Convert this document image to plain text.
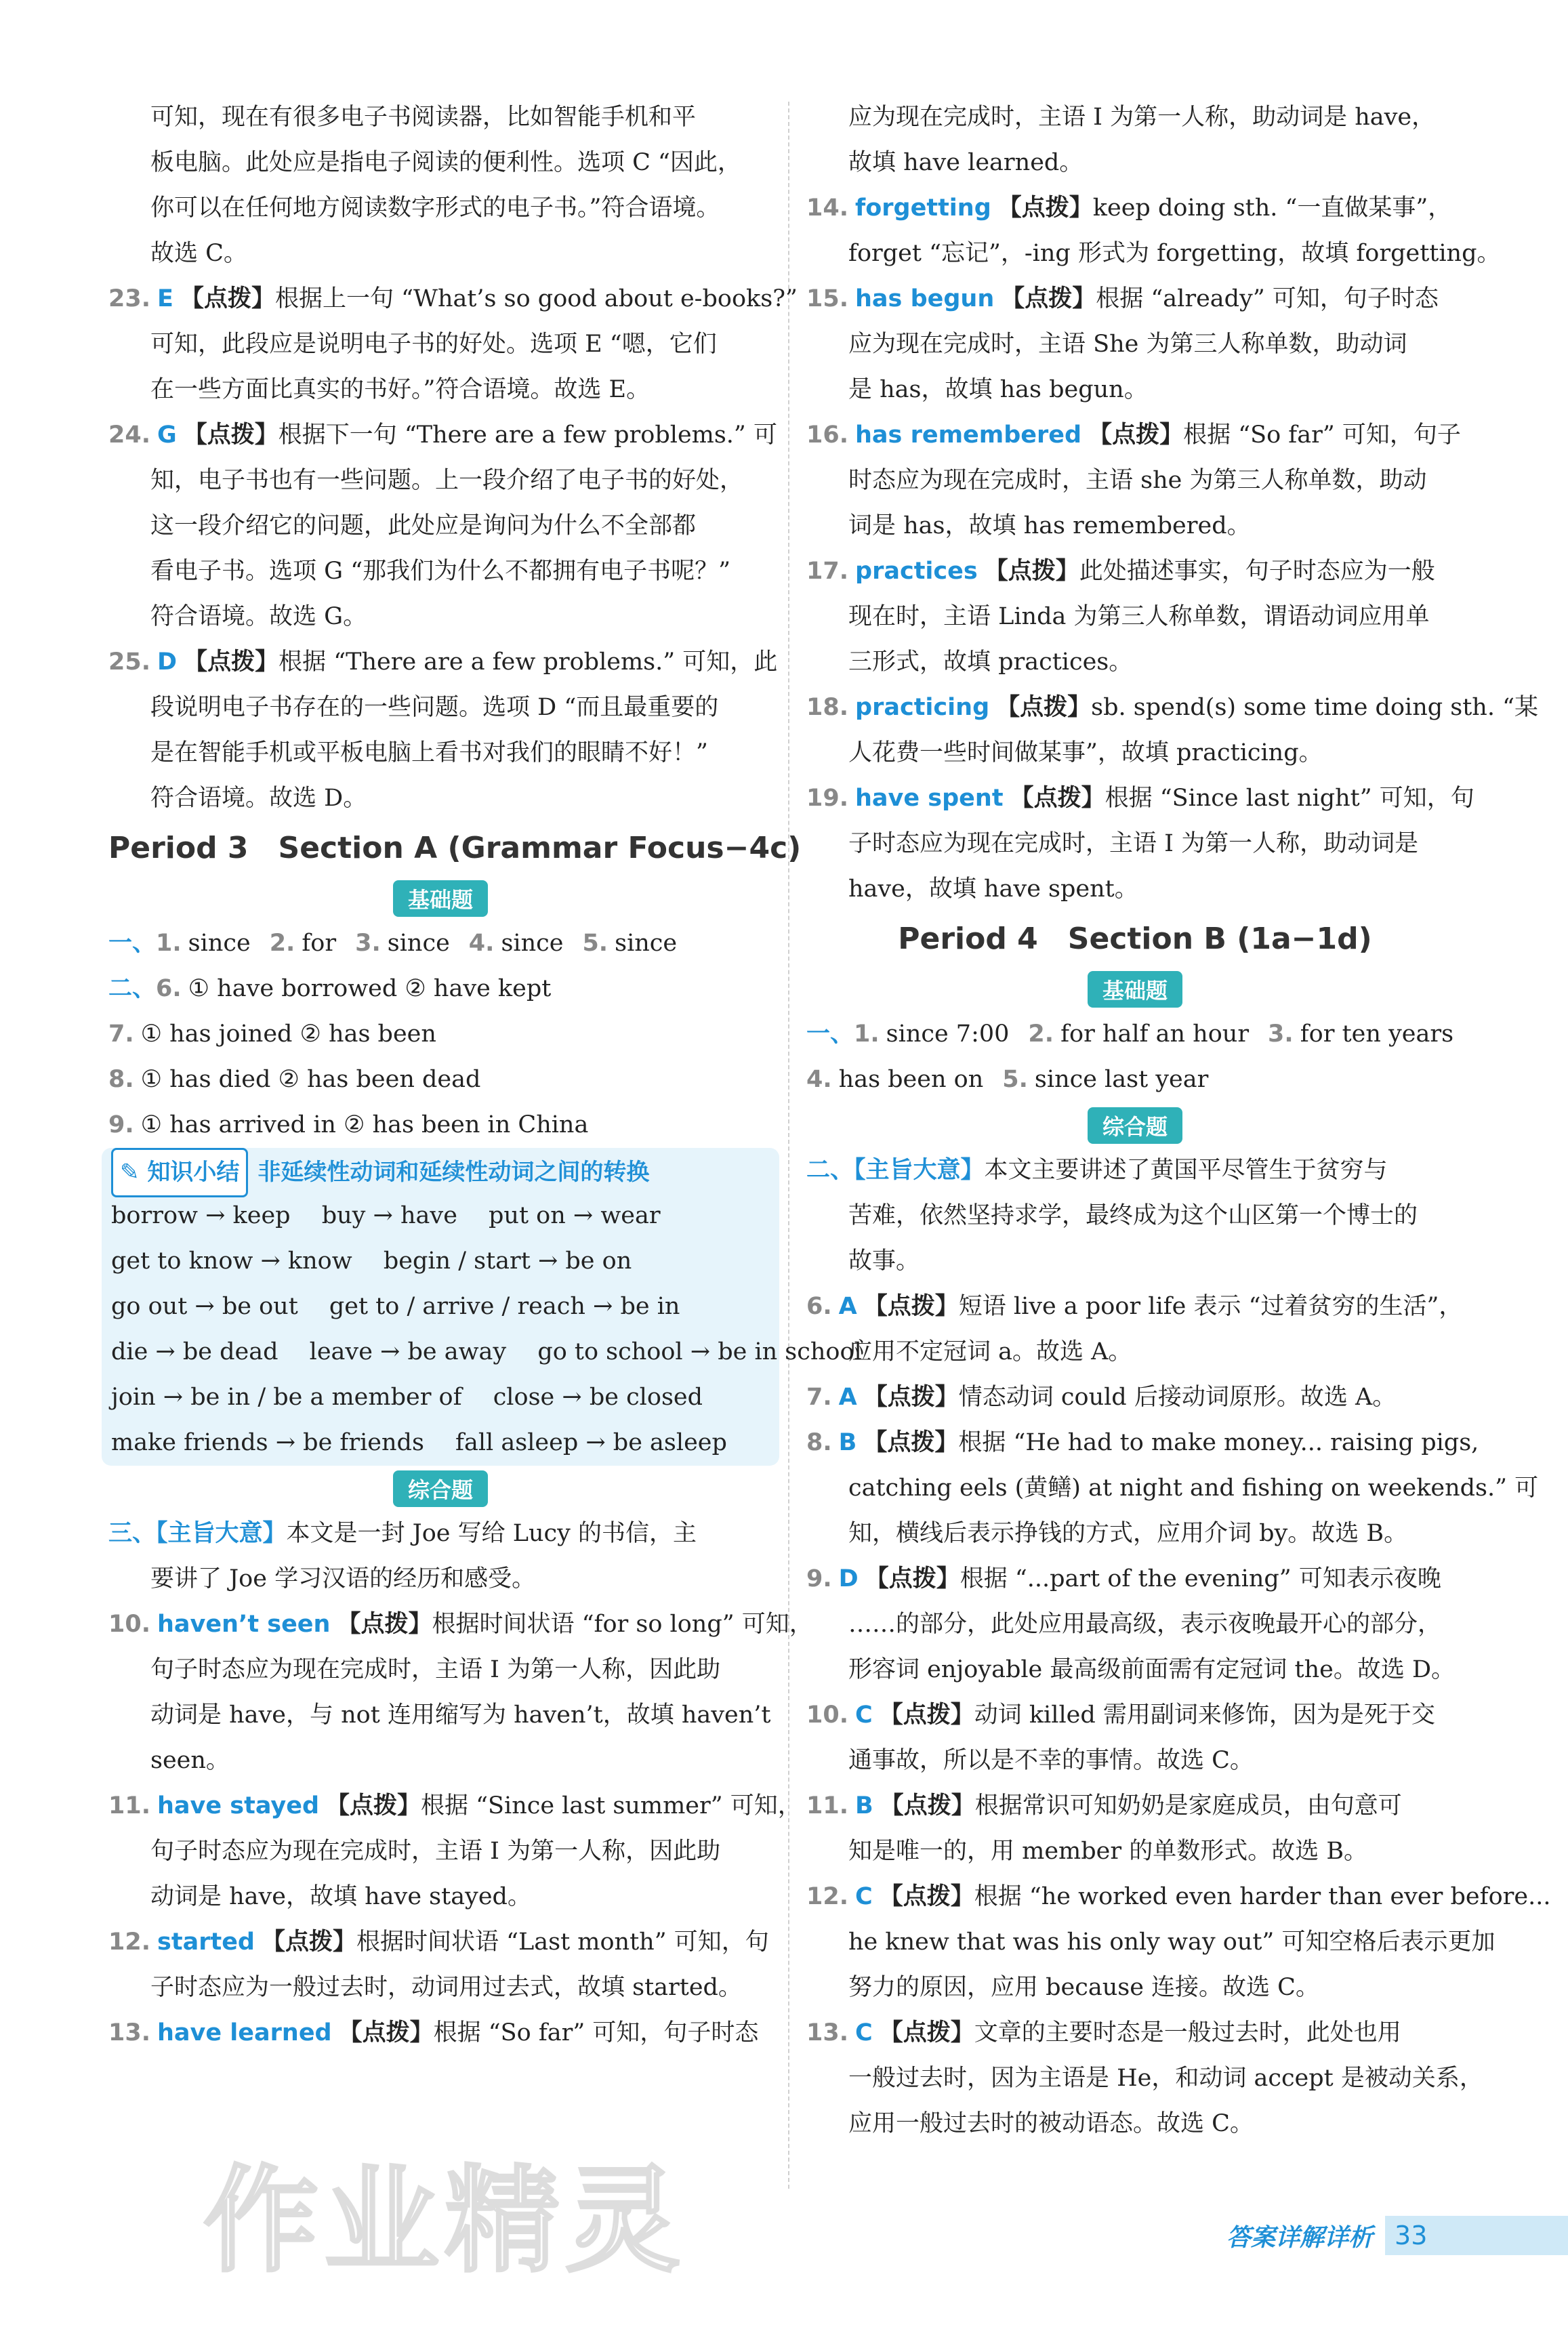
可知，现在有很多电子书阅读器，比如智能手机和平
板电脑。此处应是指电子阅读的便利性。选项 C “因此，
你可以在任何地方阅读数字形式的电子书。”符合语境。
故选 C。
23. E 【点拨】根据上一句 “What’s so good about e-books?”
可知，此段应是说明电子书的好处。选项 E “嗯，它们
在一些方面比真实的书好。”符合语境。故选 E。
24. G 【点拨】根据下一句 “There are a few problems.” 可
知，电子书也有一些问题。上一段介绍了电子书的好处，
这一段介绍它的问题，此处应是询问为什么不全部都
看电子书。选项 G “那我们为什么不都拥有电子书呢？”
符合语境。故选 G。
25. D 【点拨】根据 “There are a few problems.” 可知，此
段说明电子书存在的一些问题。选项 D “而且最重要的
是在智能手机或平板电脑上看书对我们的眼睛不好！”
符合语境。故选 D。
Period 3　Section A (Grammar Focus−4c)
基础题
一、1. since 2. for 3. since 4. since 5. since
二、6. ① have borrowed ② have kept
7. ① has joined ② has been
8. ① has died ② has been dead
9. ① has arrived in ② has been in China
✎ 知识小结 非延续性动词和延续性动词之间的转换
borrow → keep　 buy → have　 put on → wear
get to know → know　 begin / start → be on
go out → be out　 get to / arrive / reach → be in
die → be dead　 leave → be away　 go to school → be in school
join → be in / be a member of　 close → be closed
make friends → be friends　 fall asleep → be asleep
综合题
三、【主旨大意】本文是一封 Joe 写给 Lucy 的书信，主
要讲了 Joe 学习汉语的经历和感受。
10. haven’t seen 【点拨】根据时间状语 “for so long” 可知，
句子时态应为现在完成时，主语 I 为第一人称，因此助
动词是 have，与 not 连用缩写为 haven’t，故填 haven’t
seen。
11. have stayed 【点拨】根据 “Since last summer” 可知，
句子时态应为现在完成时，主语 I 为第一人称，因此助
动词是 have，故填 have stayed。
12. started 【点拨】根据时间状语 “Last month” 可知，句
子时态应为一般过去时，动词用过去式，故填 started。
13. have learned 【点拨】根据 “So far” 可知，句子时态
应为现在完成时，主语 I 为第一人称，助动词是 have，
故填 have learned。
14. forgetting 【点拨】keep doing sth. “一直做某事”，
forget “忘记”，-ing 形式为 forgetting，故填 forgetting。
15. has begun 【点拨】根据 “already” 可知，句子时态
应为现在完成时，主语 She 为第三人称单数，助动词
是 has，故填 has begun。
16. has remembered 【点拨】根据 “So far” 可知，句子
时态应为现在完成时，主语 she 为第三人称单数，助动
词是 has，故填 has remembered。
17. practices 【点拨】此处描述事实，句子时态应为一般
现在时，主语 Linda 为第三人称单数，谓语动词应用单
三形式，故填 practices。
18. practicing 【点拨】sb. spend(s) some time doing sth. “某
人花费一些时间做某事”，故填 practicing。
19. have spent 【点拨】根据 “Since last night” 可知，句
子时态应为现在完成时，主语 I 为第一人称，助动词是
have，故填 have spent。
Period 4　Section B (1a−1d)
基础题
一、1. since 7:00 2. for half an hour 3. for ten years
4. has been on 5. since last year
综合题
二、【主旨大意】本文主要讲述了黄国平尽管生于贫穷与
苦难，依然坚持求学，最终成为这个山区第一个博士的
故事。
6. A 【点拨】短语 live a poor life 表示 “过着贫穷的生活”，
应用不定冠词 a。故选 A。
7. A 【点拨】情态动词 could 后接动词原形。故选 A。
8. B 【点拨】根据 “He had to make money... raising pigs,
catching eels (黄鳝) at night and fishing on weekends.” 可
知，横线后表示挣钱的方式，应用介词 by。故选 B。
9. D 【点拨】根据 “...part of the evening” 可知表示夜晚
……的部分，此处应用最高级，表示夜晚最开心的部分，
形容词 enjoyable 最高级前面需有定冠词 the。故选 D。
10. C 【点拨】动词 killed 需用副词来修饰，因为是死于交
通事故，所以是不幸的事情。故选 C。
11. B 【点拨】根据常识可知奶奶是家庭成员，由句意可
知是唯一的，用 member 的单数形式。故选 B。
12. C 【点拨】根据 “he worked even harder than ever before...
he knew that was his only way out” 可知空格后表示更加
努力的原因，应用 because 连接。故选 C。
13. C 【点拨】文章的主要时态是一般过去时，此处也用
一般过去时，因为主语是 He，和动词 accept 是被动关系，
应用一般过去时的被动语态。故选 C。
答案详解详析 33
作业精灵
